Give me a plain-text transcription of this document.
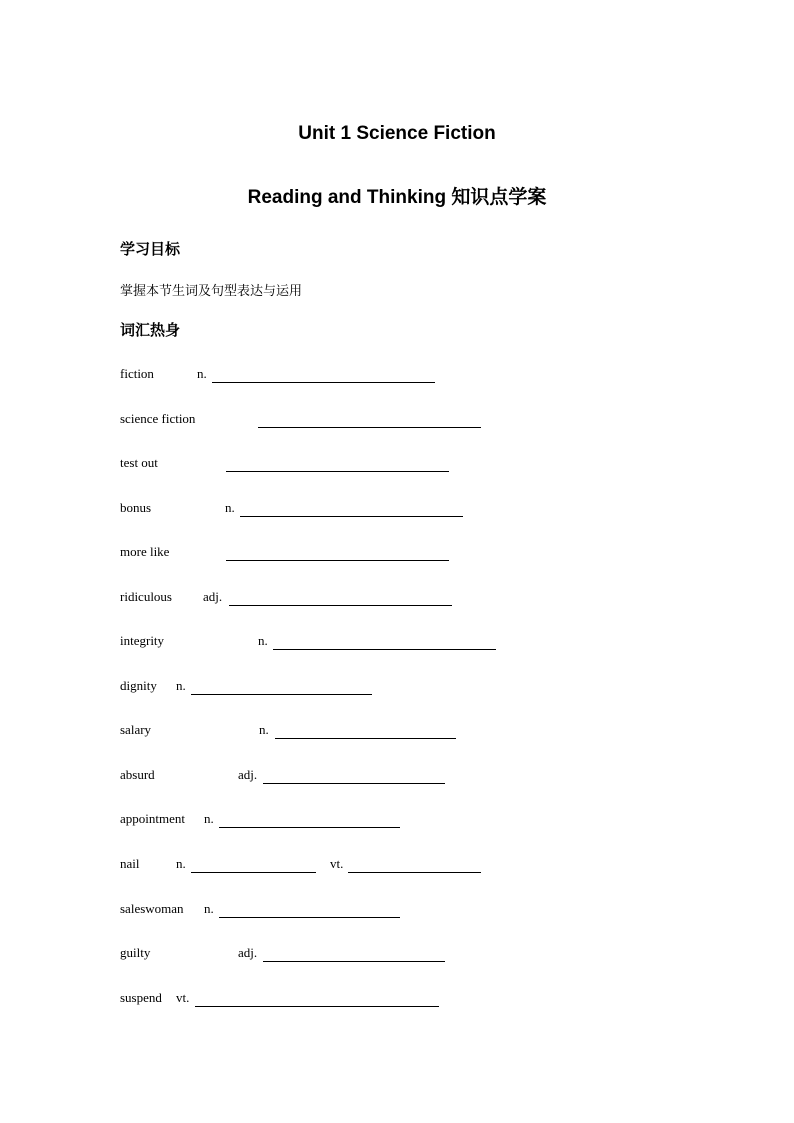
Unit 1 Science Fiction
Reading and Thinking 知识点学案
学习目标
掌握本节生词及句型表达与运用
词汇热身
fiction	n.
science fiction
test out
bonus	n.
more like
ridiculous adj.
integrity	n.
dignity n.
salary	n.
absurd	adj.
appointment n.
nail	n.	vt.
saleswoman n.
guilty	adj.
suspend vt.
